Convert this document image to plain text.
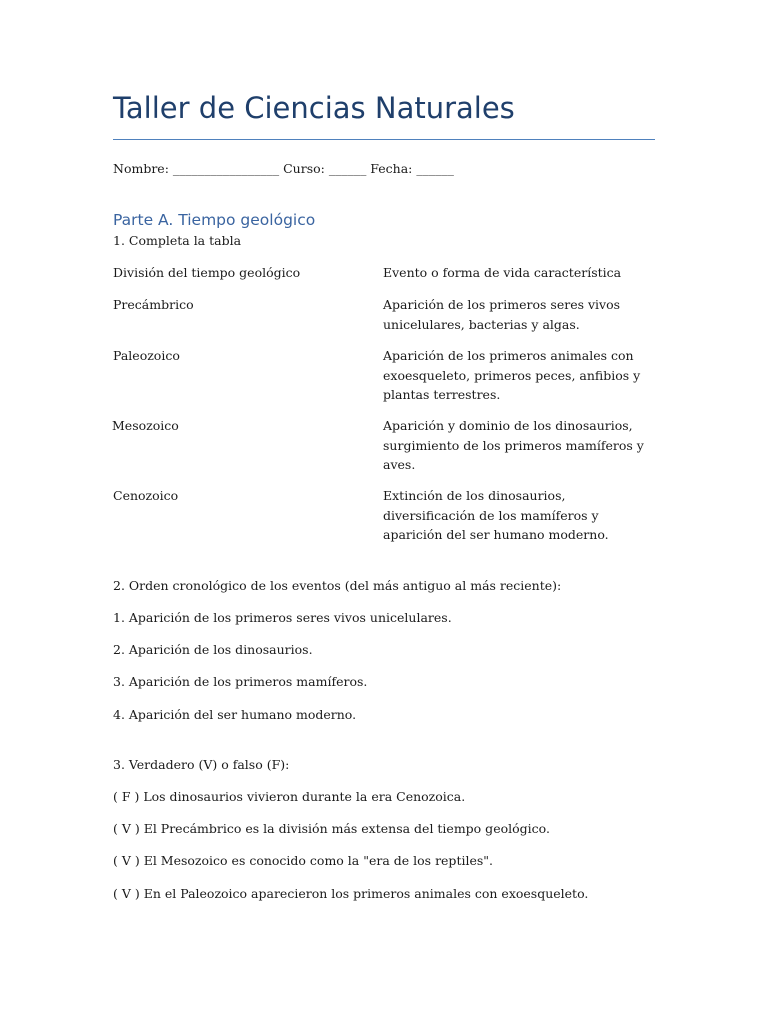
Taller de Ciencias Naturales
Nombre: _________________ Curso: ______ Fecha: ______
Parte A. Tiempo geológico
1. Completa la tabla
División del tiempo geológico	Evento o forma de vida característica
Precámbrico	Aparición de los primeros seres vivos unicelulares, bacterias y algas.
Paleozoico	Aparición de los primeros animales con exoesqueleto, primeros peces, anfibios y plantas terrestres.
Mesozoico	Aparición y dominio de los dinosaurios, surgimiento de los primeros mamíferos y aves.
Cenozoico	Extinción de los dinosaurios, diversificación de los mamíferos y aparición del ser humano moderno.
2. Orden cronológico de los eventos (del más antiguo al más reciente):
1. Aparición de los primeros seres vivos unicelulares.
2. Aparición de los dinosaurios.
3. Aparición de los primeros mamíferos.
4. Aparición del ser humano moderno.
3. Verdadero (V) o falso (F):
( F ) Los dinosaurios vivieron durante la era Cenozoica.
( V ) El Precámbrico es la división más extensa del tiempo geológico.
( V ) El Mesozoico es conocido como la "era de los reptiles".
( V ) En el Paleozoico aparecieron los primeros animales con exoesqueleto.
